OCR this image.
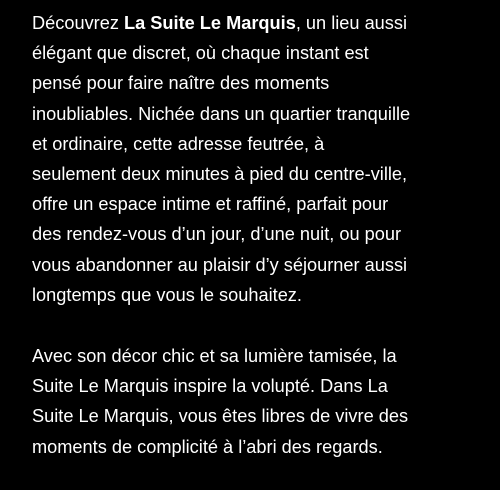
Découvrez La Suite Le Marquis, un lieu aussi
élégant que discret, où chaque instant est
pensé pour faire naître des moments
inoubliables. Nichée dans un quartier tranquille
et ordinaire, cette adresse feutrée, à
seulement deux minutes à pied du centre-ville,
offre un espace intime et raffiné, parfait pour
des rendez-vous d’un jour, d’une nuit, ou pour
vous abandonner au plaisir d’y séjourner aussi
longtemps que vous le souhaitez.
Avec son décor chic et sa lumière tamisée, la
Suite Le Marquis inspire la volupté. Dans La
Suite Le Marquis, vous êtes libres de vivre des
moments de complicité à l’abri des regards.
